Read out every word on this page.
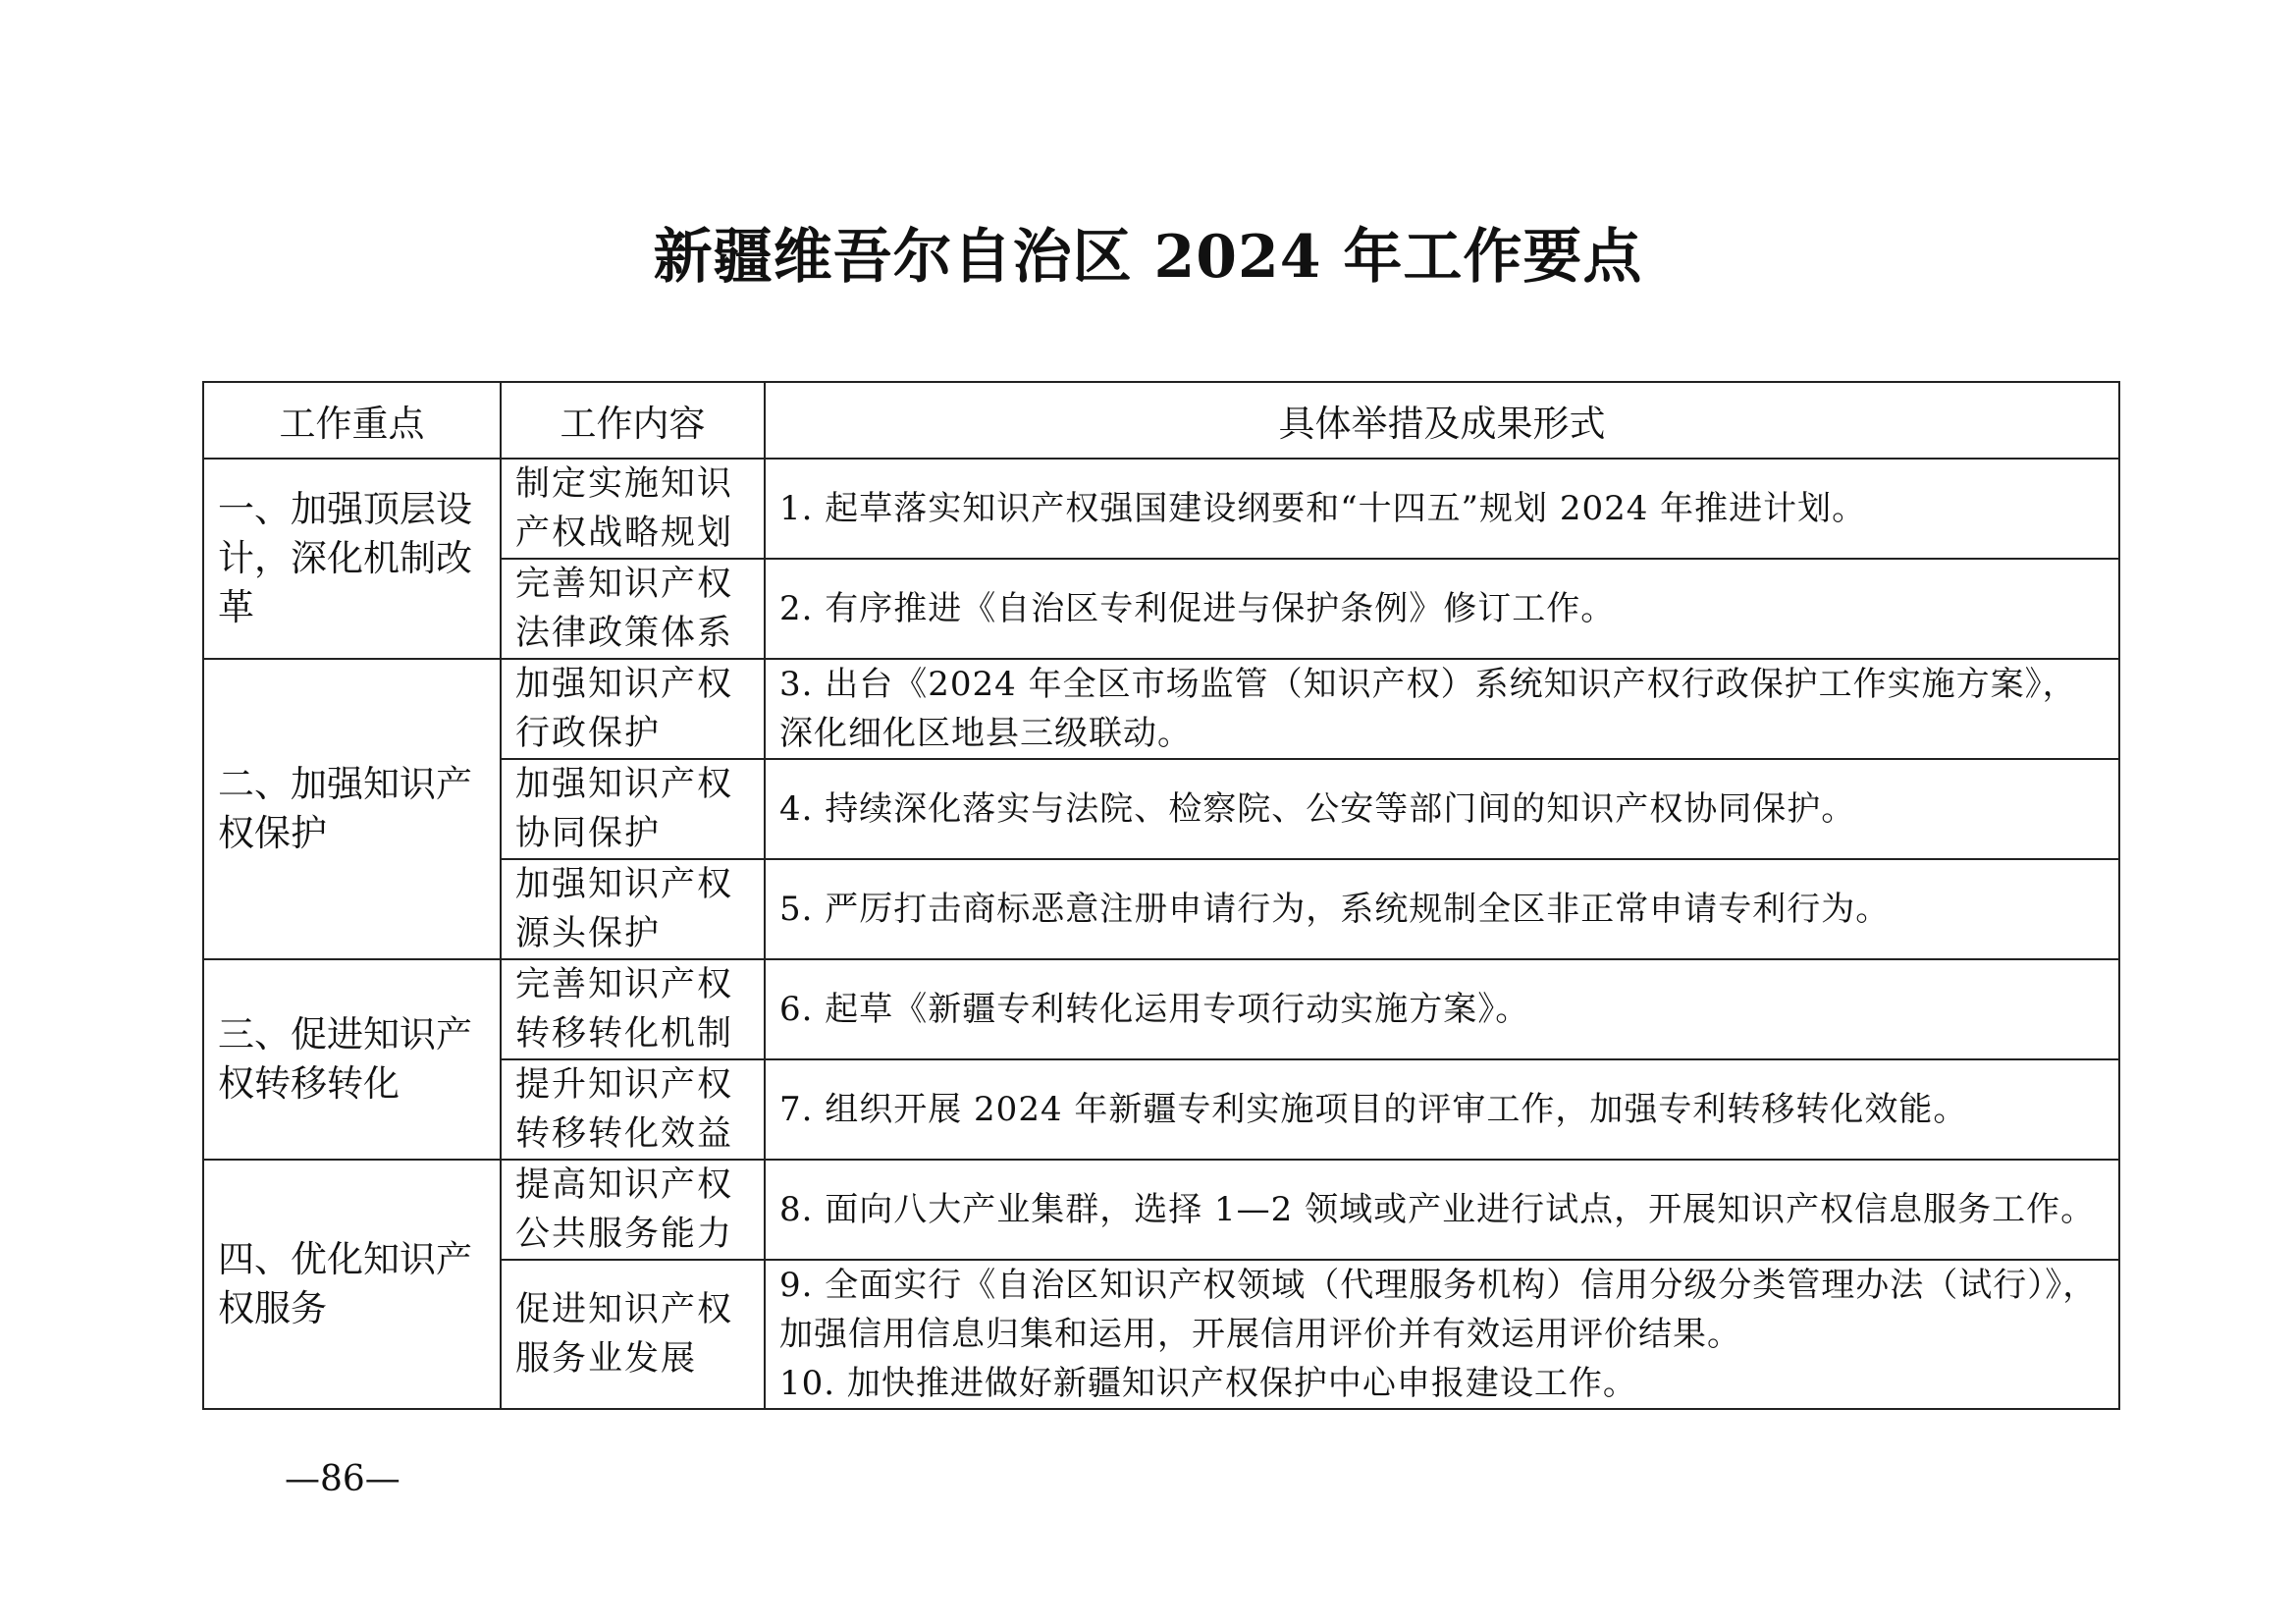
新疆维吾尔自治区 2024 年工作要点
工作重点	工作内容	具体举措及成果形式
一、加强顶层设计，深化机制改革	制定实施知识产权战略规划	1. 起草落实知识产权强国建设纲要和“十四五”规划 2024 年推进计划。

	完善知识产权法律政策体系	2. 有序推进《自治区专利促进与保护条例》修订工作。

二、加强知识产权保护	加强知识产权行政保护	3. 出台《2024 年全区市场监管（知识产权）系统知识产权行政保护工作实施方案》，深化细化区地县三级联动。

	加强知识产权协同保护	4. 持续深化落实与法院、检察院、公安等部门间的知识产权协同保护。

	加强知识产权源头保护	5. 严厉打击商标恶意注册申请行为，系统规制全区非正常申请专利行为。

三、促进知识产权转移转化	完善知识产权转移转化机制	6. 起草《新疆专利转化运用专项行动实施方案》。

	提升知识产权转移转化效益	7. 组织开展 2024 年新疆专利实施项目的评审工作，加强专利转移转化效能。

四、优化知识产权服务	提高知识产权公共服务能力	8. 面向八大产业集群，选择 1—2 领域或产业进行试点，开展知识产权信息服务工作。

	促进知识产权服务业发展	9. 全面实行《自治区知识产权领域（代理服务机构）信用分级分类管理办法（试行）》，加强信用信息归集和运用，开展信用评价并有效运用评价结果。

10. 加快推进做好新疆知识产权保护中心申报建设工作。

—86—
